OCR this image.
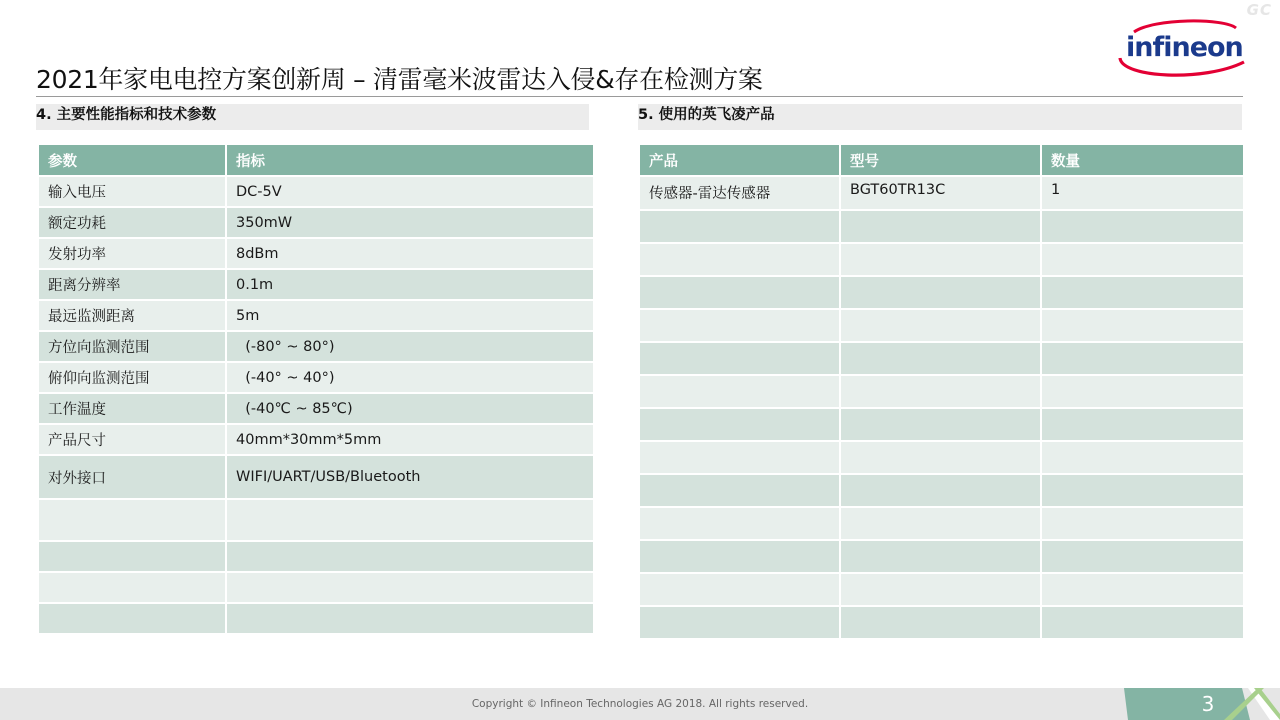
GC
infineon
2021年家电电控方案创新周 – 清雷毫米波雷达入侵&存在检测方案
4. 主要性能指标和技术参数	5. 使用的英飞凌产品
参数	指标
输入电压	DC-5V
额定功耗	350mW
发射功率	8dBm
距离分辨率	0.1m
最远监测距离	5m
方位向监测范围	(-80° ~ 80°)
俯仰向监测范围	(-40° ~ 40°)
工作温度	(-40℃ ~ 85℃)
产品尺寸	40mm*30mm*5mm
对外接口	WIFI/UART/USB/Bluetooth

产品	型号	数量
传感器-雷达传感器	BGT60TR13C	1

Copyright © Infineon Technologies AG 2018. All rights reserved.	3
